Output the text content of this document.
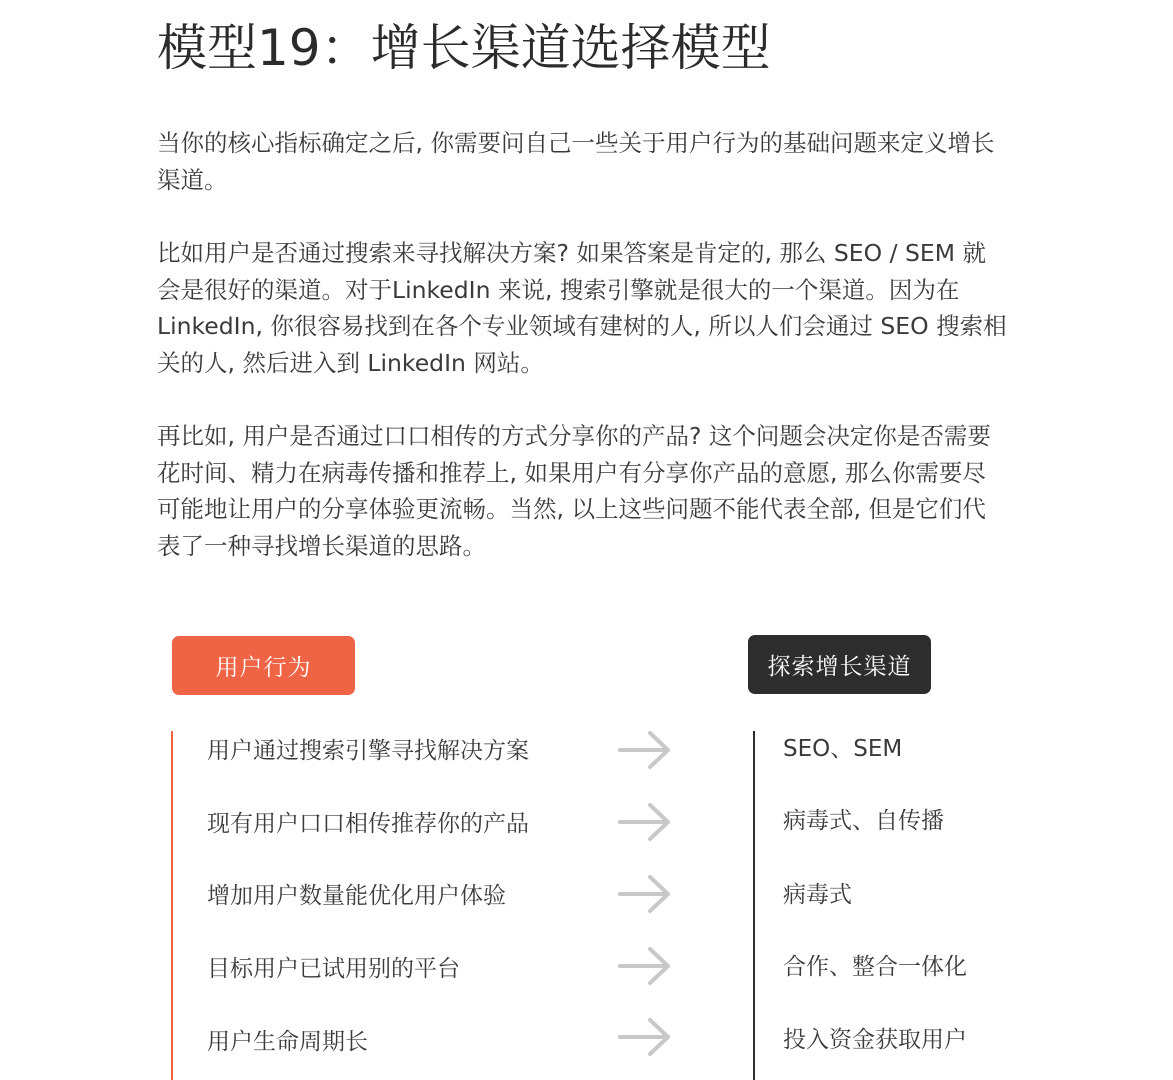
模型19：增长渠道选择模型

当你的核心指标确定之后, 你需要问自己一些关于用户行为的基础问题来定义增长
渠道。

比如用户是否通过搜索来寻找解决方案? 如果答案是肯定的, 那么 SEO / SEM 就
会是很好的渠道。对于LinkedIn 来说, 搜索引擎就是很大的一个渠道。因为在
LinkedIn, 你很容易找到在各个专业领域有建树的人, 所以人们会通过 SEO 搜索相
关的人, 然后进入到 LinkedIn 网站。

再比如, 用户是否通过口口相传的方式分享你的产品? 这个问题会决定你是否需要
花时间、精力在病毒传播和推荐上, 如果用户有分享你产品的意愿, 那么你需要尽
可能地让用户的分享体验更流畅。当然, 以上这些问题不能代表全部, 但是它们代
表了一种寻找增长渠道的思路。

用户行为	探索增长渠道
用户通过搜索引擎寻找解决方案	SEO、SEM
现有用户口口相传推荐你的产品	病毒式、自传播
增加用户数量能优化用户体验	病毒式
目标用户已试用别的平台	合作、整合一体化
用户生命周期长	投入资金获取用户
